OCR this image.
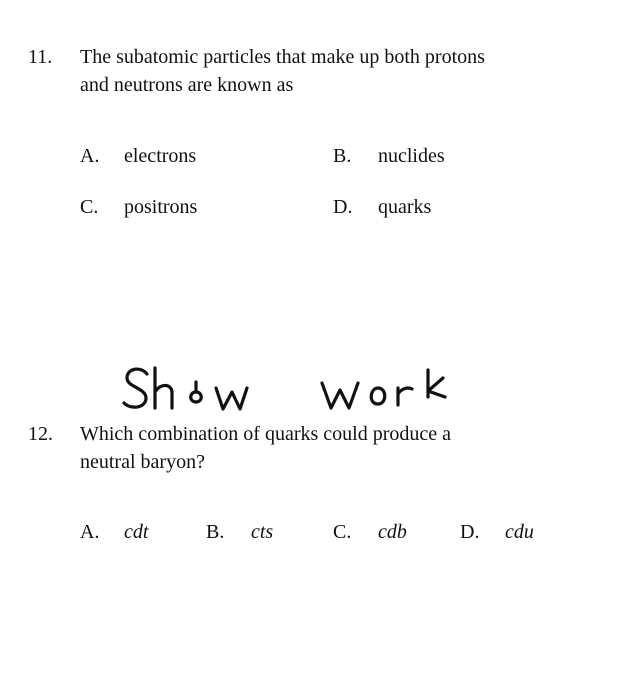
11. The subatomic particles that make up both protons
and neutrons are known as
A. electrons	B. nuclides
C. positrons	D. quarks
12. Which combination of quarks could produce a
neutral baryon?
A. cdt	B. cts	C. cdb	D. cdu
